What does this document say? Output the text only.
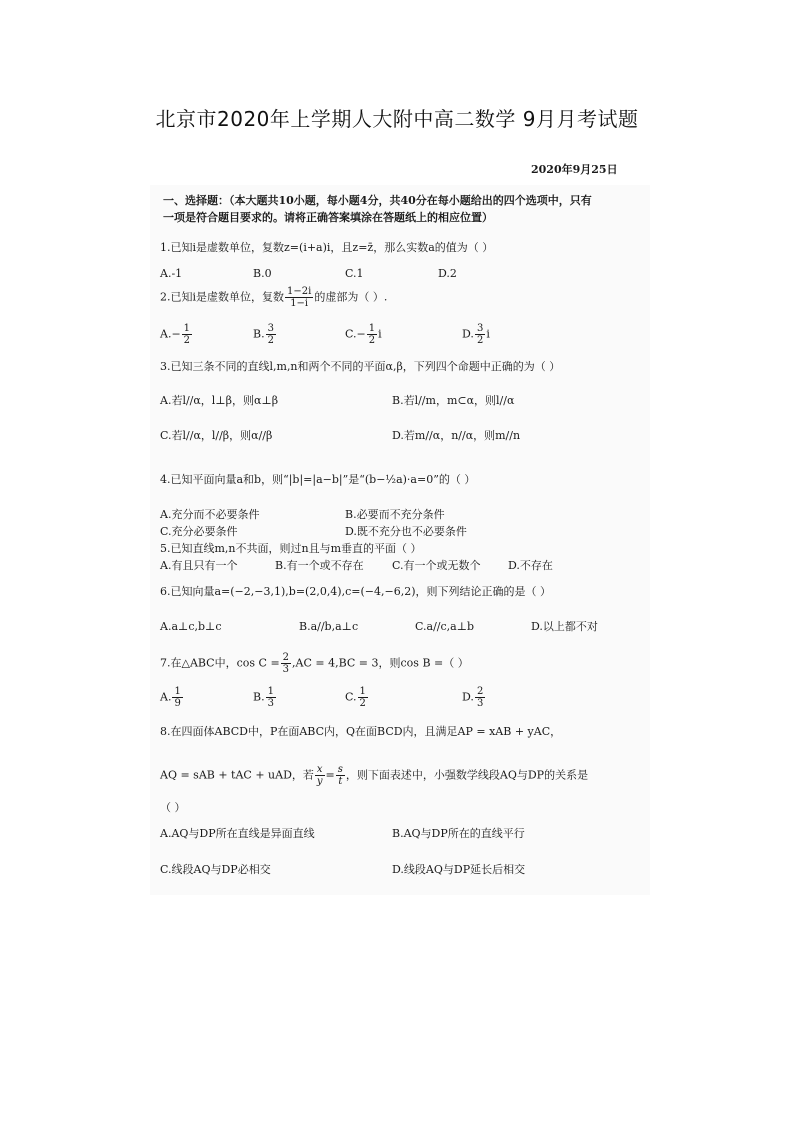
北京市2020年上学期人大附中高二数学 9月月考试题
2020年9月25日
一、选择题：（本大题共10小题，每小题4分，共40分在每小题给出的四个选项中，只有
一项是符合题目要求的。请将正确答案填涂在答题纸上的相应位置）
1.已知i是虚数单位，复数z=(i+a)i，且z=z̄，那么实数a的值为（ ）
A.-1	B.0	C.1	D.2
2.已知i是虚数单位，复数 $\frac{1-2i}{1-i}$ 的虚部为（ ）.
$A.- \frac{1}{2}$	B. $\frac{3}{2}$	$C.- \frac{1}{2}$ i	D. $\frac{3}{2}$ i
3.已知三条不同的直线l,m,n和两个不同的平面α,β，下列四个命题中正确的为（ ）
A.若l//α，l⊥β，则α⊥β	B.若l//m，m⊂α，则l//α
C.若l//α，l//β，则α//β	D.若m//α，n//α，则m//n
4.已知平面向量a和b，则“|b|=|a−b|”是“(b−½a)·a=0”的（ ）
A.充分而不必要条件	B.必要而不充分条件
C.充分必要条件	D.既不充分也不必要条件
5.已知直线m,n不共面，则过n且与m垂直的平面（ ）
A.有且只有一个	B.有一个或不存在	C.有一个或无数个 D.不存在
6.已知向量a=(−2,−3,1),b=(2,0,4),c=(−4,−6,2)，则下列结论正确的是（ ）
A.a⊥c,b⊥c	B.a//b,a⊥c	C.a//c,a⊥b	D.以上都不对
7.在△ABC中，$\cos C = \frac{2}{3} ,AC = 4,BC = 3$，则cos B =（ ）
A. $\frac{1}{9}$	B. $\frac{1}{3}$	C. $\frac{1}{2}$	D. $\frac{2}{3}$
8.在四面体ABCD中，P在面ABC内，Q在面BCD内，且满足AP = xAB + yAC，
AQ = sAB + tAC + uAD，若 $\frac{x}{y} = \frac{s}{t}$ ，则下面表述中，小强数学线段AQ与DP的关系是
（ ）
A.AQ与DP所在直线是异面直线	B.AQ与DP所在的直线平行
C.线段AQ与DP必相交	D.线段AQ与DP延长后相交
